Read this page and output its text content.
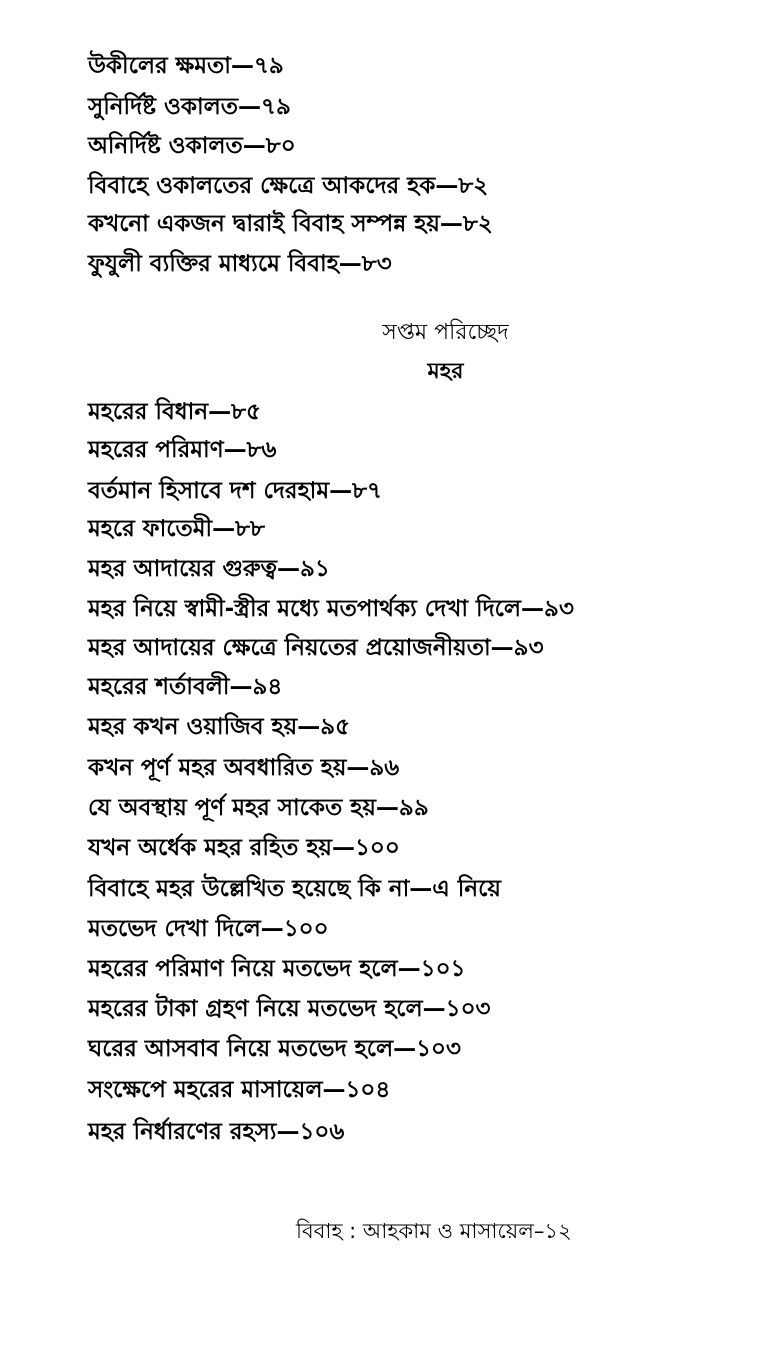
উকীলের ক্ষমতা—৭৯
সুনির্দিষ্ট ওকালত—৭৯
অনির্দিষ্ট ওকালত—৮০
বিবাহে ওকালতের ক্ষেত্রে আকদের হক—৮২
কখনো একজন দ্বারাই বিবাহ সম্পন্ন হয়—৮২
ফুযুলী ব্যক্তির মাধ্যমে বিবাহ—৮৩
সপ্তম পরিচ্ছেদ
মহর
মহরের বিধান—৮৫
মহরের পরিমাণ—৮৬
বর্তমান হিসাবে দশ দেরহাম—৮৭
মহরে ফাতেমী—৮৮
মহর আদায়ের গুরুত্ব—৯১
মহর নিয়ে স্বামী-স্ত্রীর মধ্যে মতপার্থক্য দেখা দিলে—৯৩
মহর আদায়ের ক্ষেত্রে নিয়তের প্রয়োজনীয়তা—৯৩
মহরের শর্তাবলী—৯৪
মহর কখন ওয়াজিব হয়—৯৫
কখন পূর্ণ মহর অবধারিত হয়—৯৬
যে অবস্থায় পূর্ণ মহর সাকেত হয়—৯৯
যখন অর্ধেক মহর রহিত হয়—১০০
বিবাহে মহর উল্লেখিত হয়েছে কি না—এ নিয়ে
মতভেদ দেখা দিলে—১০০
মহরের পরিমাণ নিয়ে মতভেদ হলে—১০১
মহরের টাকা গ্রহণ নিয়ে মতভেদ হলে—১০৩
ঘরের আসবাব নিয়ে মতভেদ হলে—১০৩
সংক্ষেপে মহরের মাসায়েল—১০৪
মহর নির্ধারণের রহস্য—১০৬
বিবাহ : আহকাম ও মাসায়েল–১২
